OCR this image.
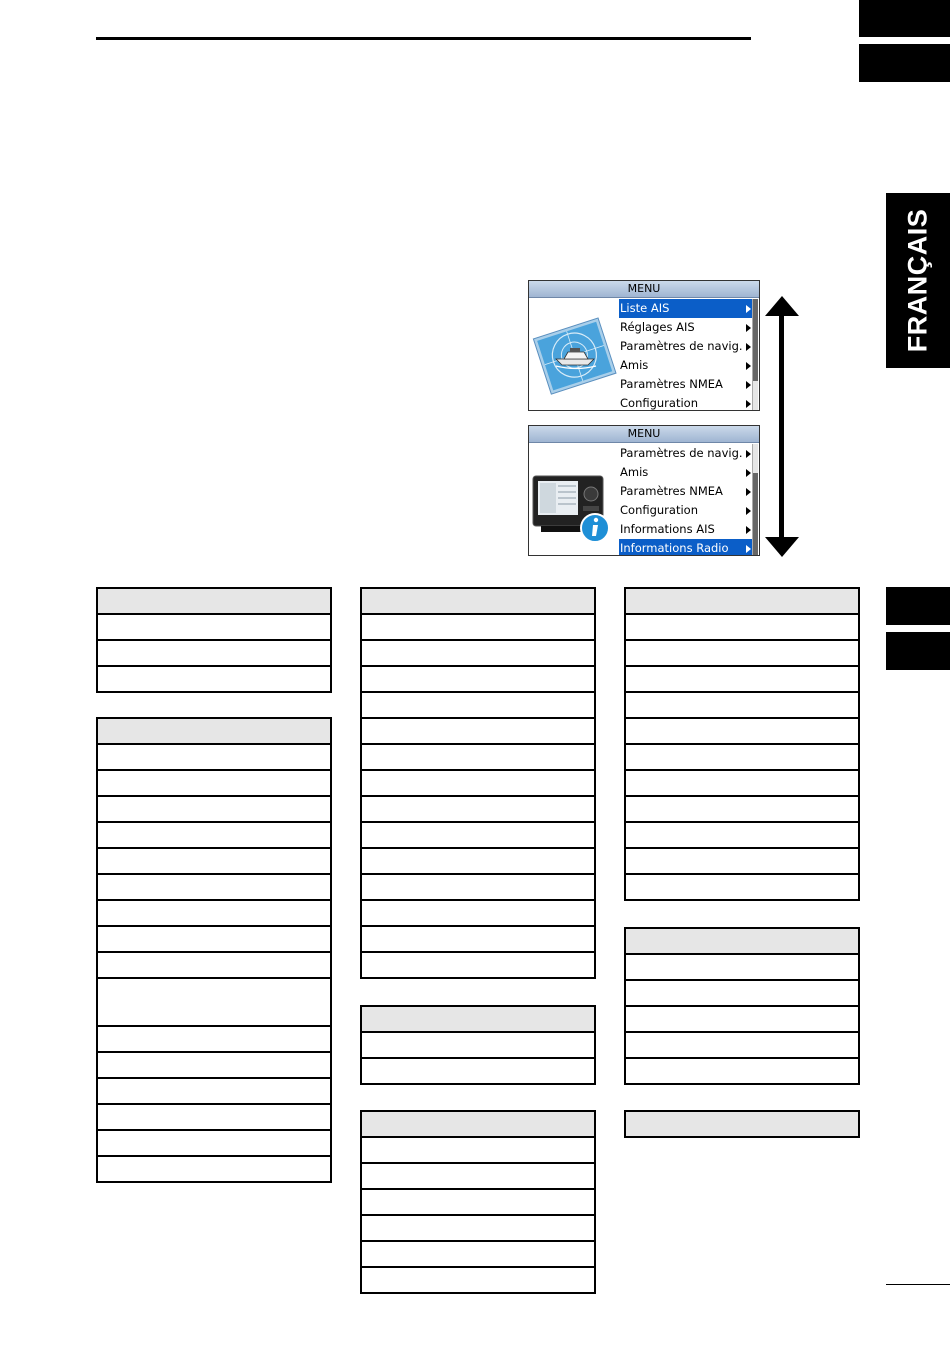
FRANÇAIS
MENU
Liste AIS
Réglages AIS
Paramètres de navig.
Amis
Paramètres NMEA
Configuration
MENU
Paramètres de navig.
Amis
Paramètres NMEA
Configuration
Informations AIS
Informations Radio
